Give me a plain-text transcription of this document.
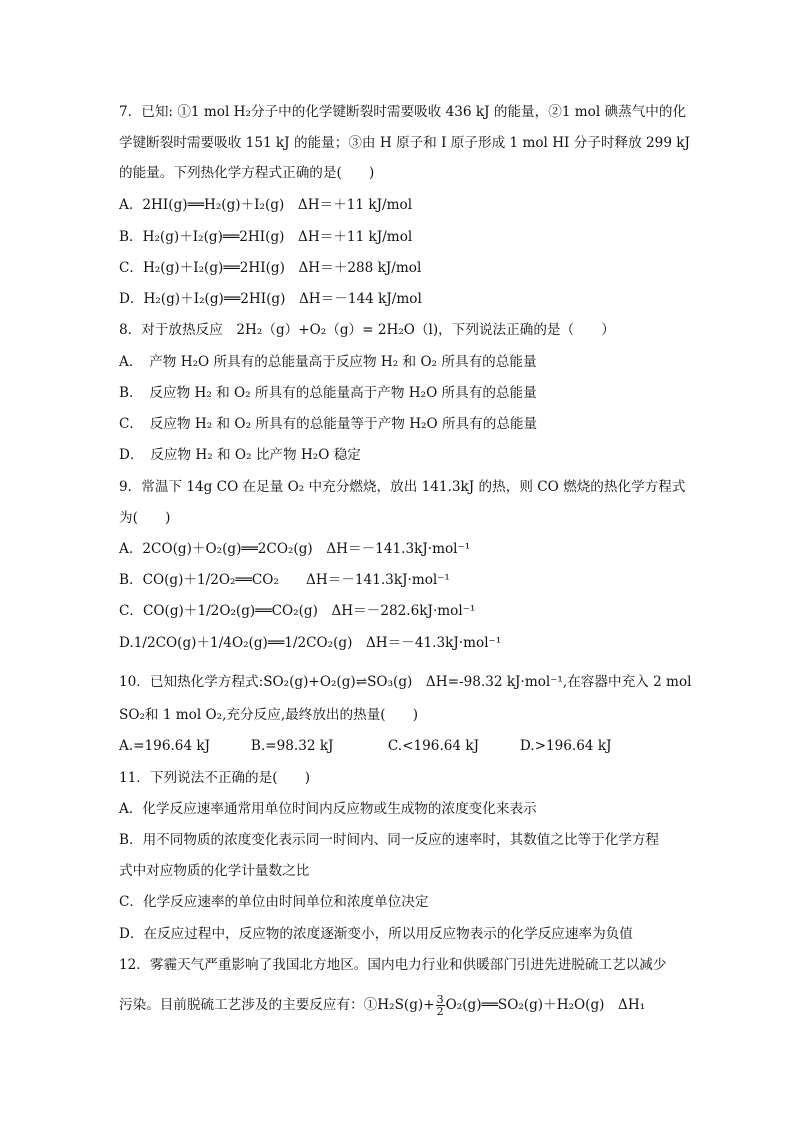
7．已知: ①1 mol H₂分子中的化学键断裂时需要吸收 436 kJ 的能量，②1 mol 碘蒸气中的化
学键断裂时需要吸收 151 kJ 的能量；③由 H 原子和 I 原子形成 1 mol HI 分子时释放 299 kJ
的能量。下列热化学方程式正确的是(　　)
A．2HI(g)══H₂(g)＋I₂(g)　ΔH＝＋11 kJ/mol
B．H₂(g)＋I₂(g)══2HI(g)　ΔH＝＋11 kJ/mol
C．H₂(g)＋I₂(g)══2HI(g)　ΔH＝＋288 kJ/mol
D．H₂(g)＋I₂(g)══2HI(g)　ΔH＝－144 kJ/mol
8．对于放热反应　2H₂（g）+O₂（g）= 2H₂O（l)，下列说法正确的是（　　）
A．　产物 H₂O 所具有的总能量高于反应物 H₂ 和 O₂ 所具有的总能量
B．　反应物 H₂ 和 O₂ 所具有的总能量高于产物 H₂O 所具有的总能量
C．　反应物 H₂ 和 O₂ 所具有的总能量等于产物 H₂O 所具有的总能量
D．　反应物 H₂ 和 O₂ 比产物 H₂O 稳定
9．常温下 14g CO 在足量 O₂ 中充分燃烧，放出 141.3kJ 的热，则 CO 燃烧的热化学方程式
为(　　)
A．2CO(g)＋O₂(g)══2CO₂(g)　ΔH＝－141.3kJ·mol⁻¹
B．CO(g)＋1/2O₂══CO₂　　ΔH＝－141.3kJ·mol⁻¹
C．CO(g)＋1/2O₂(g)══CO₂(g)　ΔH＝－282.6kJ·mol⁻¹
D.1/2CO(g)＋1/4O₂(g)══1/2CO₂(g)　ΔH＝－41.3kJ·mol⁻¹
10．已知热化学方程式:SO₂(g)+O₂(g)⇌SO₃(g)　ΔH=-98.32 kJ·mol⁻¹,在容器中充入 2 mol
SO₂和 1 mol O₂,充分反应,最终放出的热量(　　)
A.=196.64 kJ　　　B.=98.32 kJ　　　　C.<196.64 kJ　　　D.>196.64 kJ
11．下列说法不正确的是(　　)
A．化学反应速率通常用单位时间内反应物或生成物的浓度变化来表示
B．用不同物质的浓度变化表示同一时间内、同一反应的速率时，其数值之比等于化学方程
式中对应物质的化学计量数之比
C．化学反应速率的单位由时间单位和浓度单位决定
D．在反应过程中，反应物的浓度逐渐变小，所以用反应物表示的化学反应速率为负值
12．雾霾天气严重影响了我国北方地区。国内电力行业和供暖部门引进先进脱硫工艺以减少
污染。目前脱硫工艺涉及的主要反应有：①H₂S(g)+ $\frac{3}{2}$ O₂(g)══SO₂(g)＋H₂O(g)　ΔH₁
